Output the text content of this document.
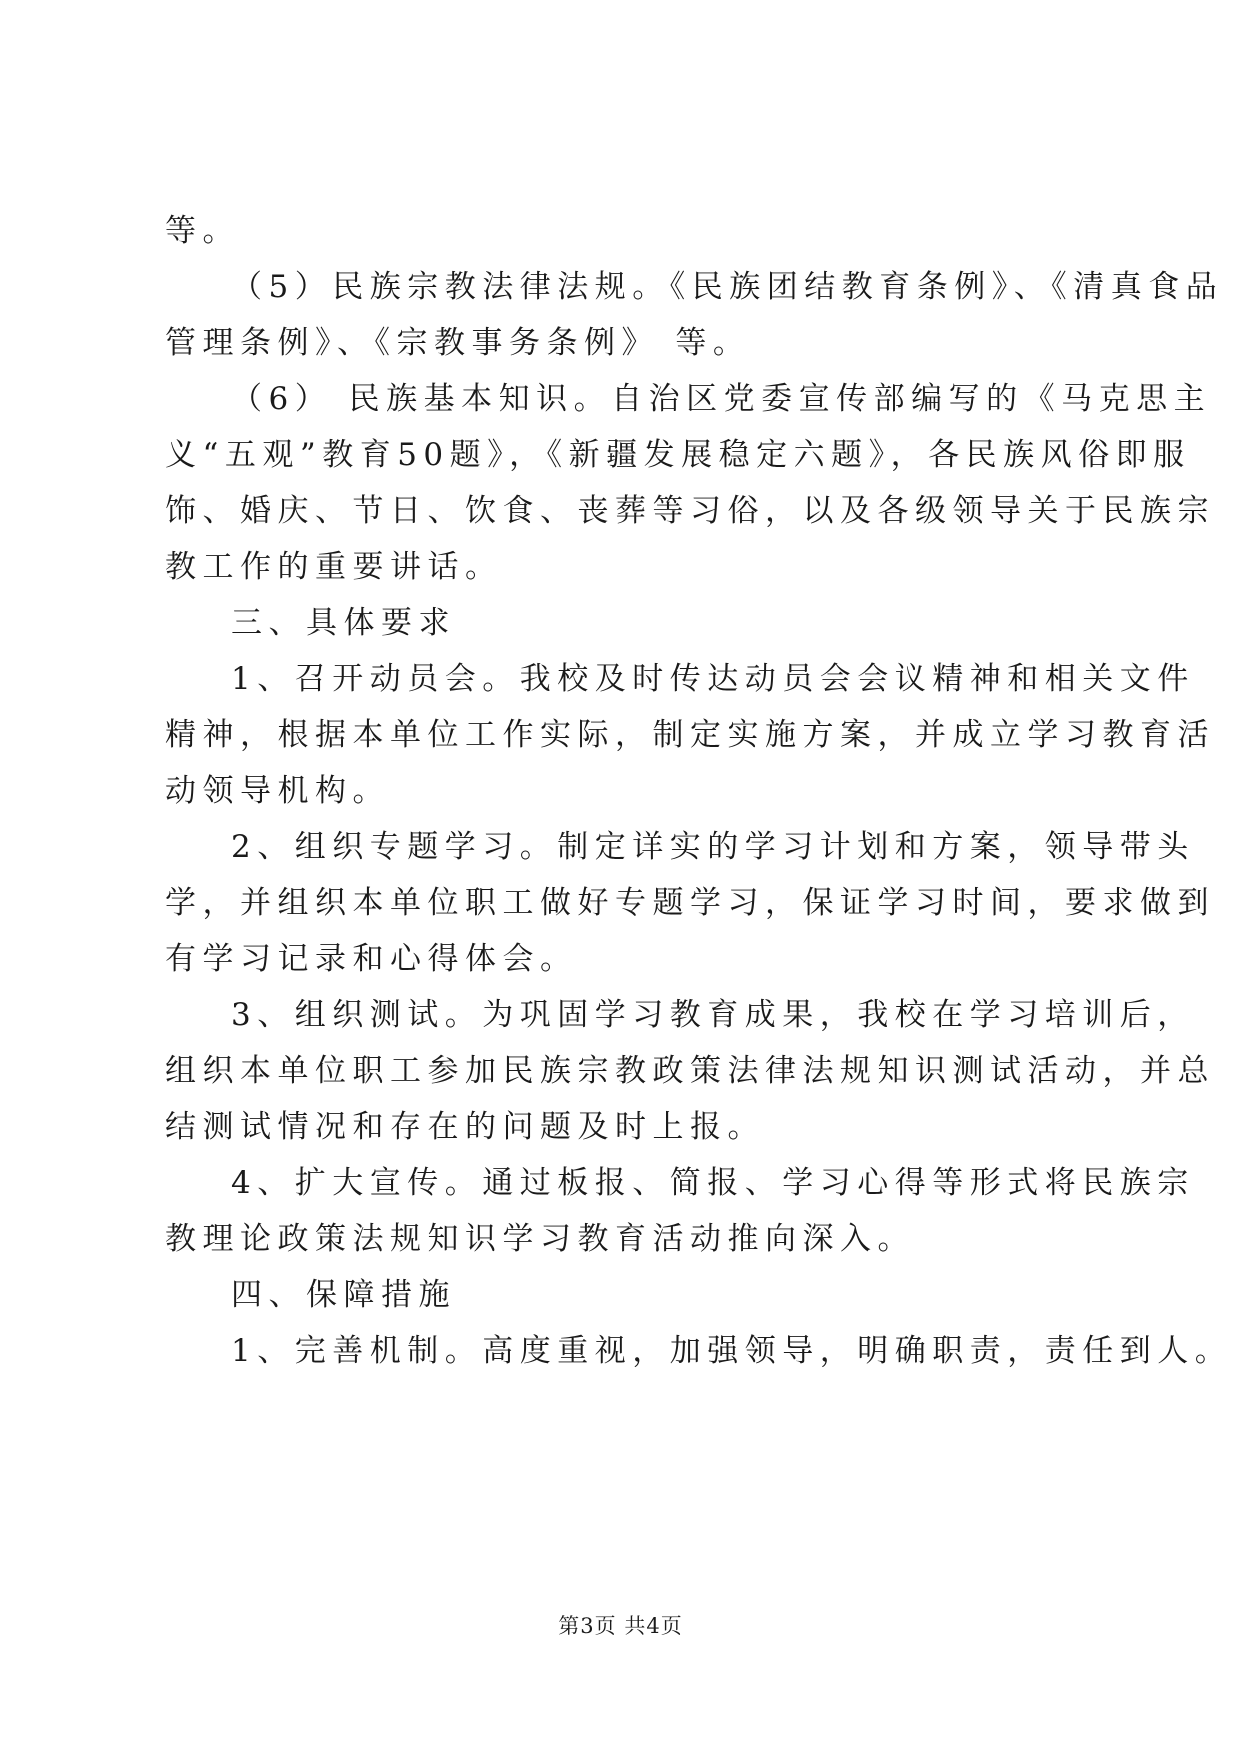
等。
（5）民族宗教法律法规。《民族团结教育条例》、《清真食品
管理条例》、《宗教事务条例》 等。
（6） 民族基本知识。自治区党委宣传部编写的《马克思主
义“五观”教育50题》，《新疆发展稳定六题》，各民族风俗即服
饰、婚庆、节日、饮食、丧葬等习俗，以及各级领导关于民族宗
教工作的重要讲话。
三、具体要求
1、召开动员会。我校及时传达动员会会议精神和相关文件
精神，根据本单位工作实际，制定实施方案，并成立学习教育活
动领导机构。
2、组织专题学习。制定详实的学习计划和方案，领导带头
学，并组织本单位职工做好专题学习，保证学习时间，要求做到
有学习记录和心得体会。
3、组织测试。为巩固学习教育成果，我校在学习培训后，
组织本单位职工参加民族宗教政策法律法规知识测试活动，并总
结测试情况和存在的问题及时上报。
4、扩大宣传。通过板报、简报、学习心得等形式将民族宗
教理论政策法规知识学习教育活动推向深入。
四、保障措施
1、完善机制。高度重视，加强领导，明确职责，责任到人。
第3页 共4页
